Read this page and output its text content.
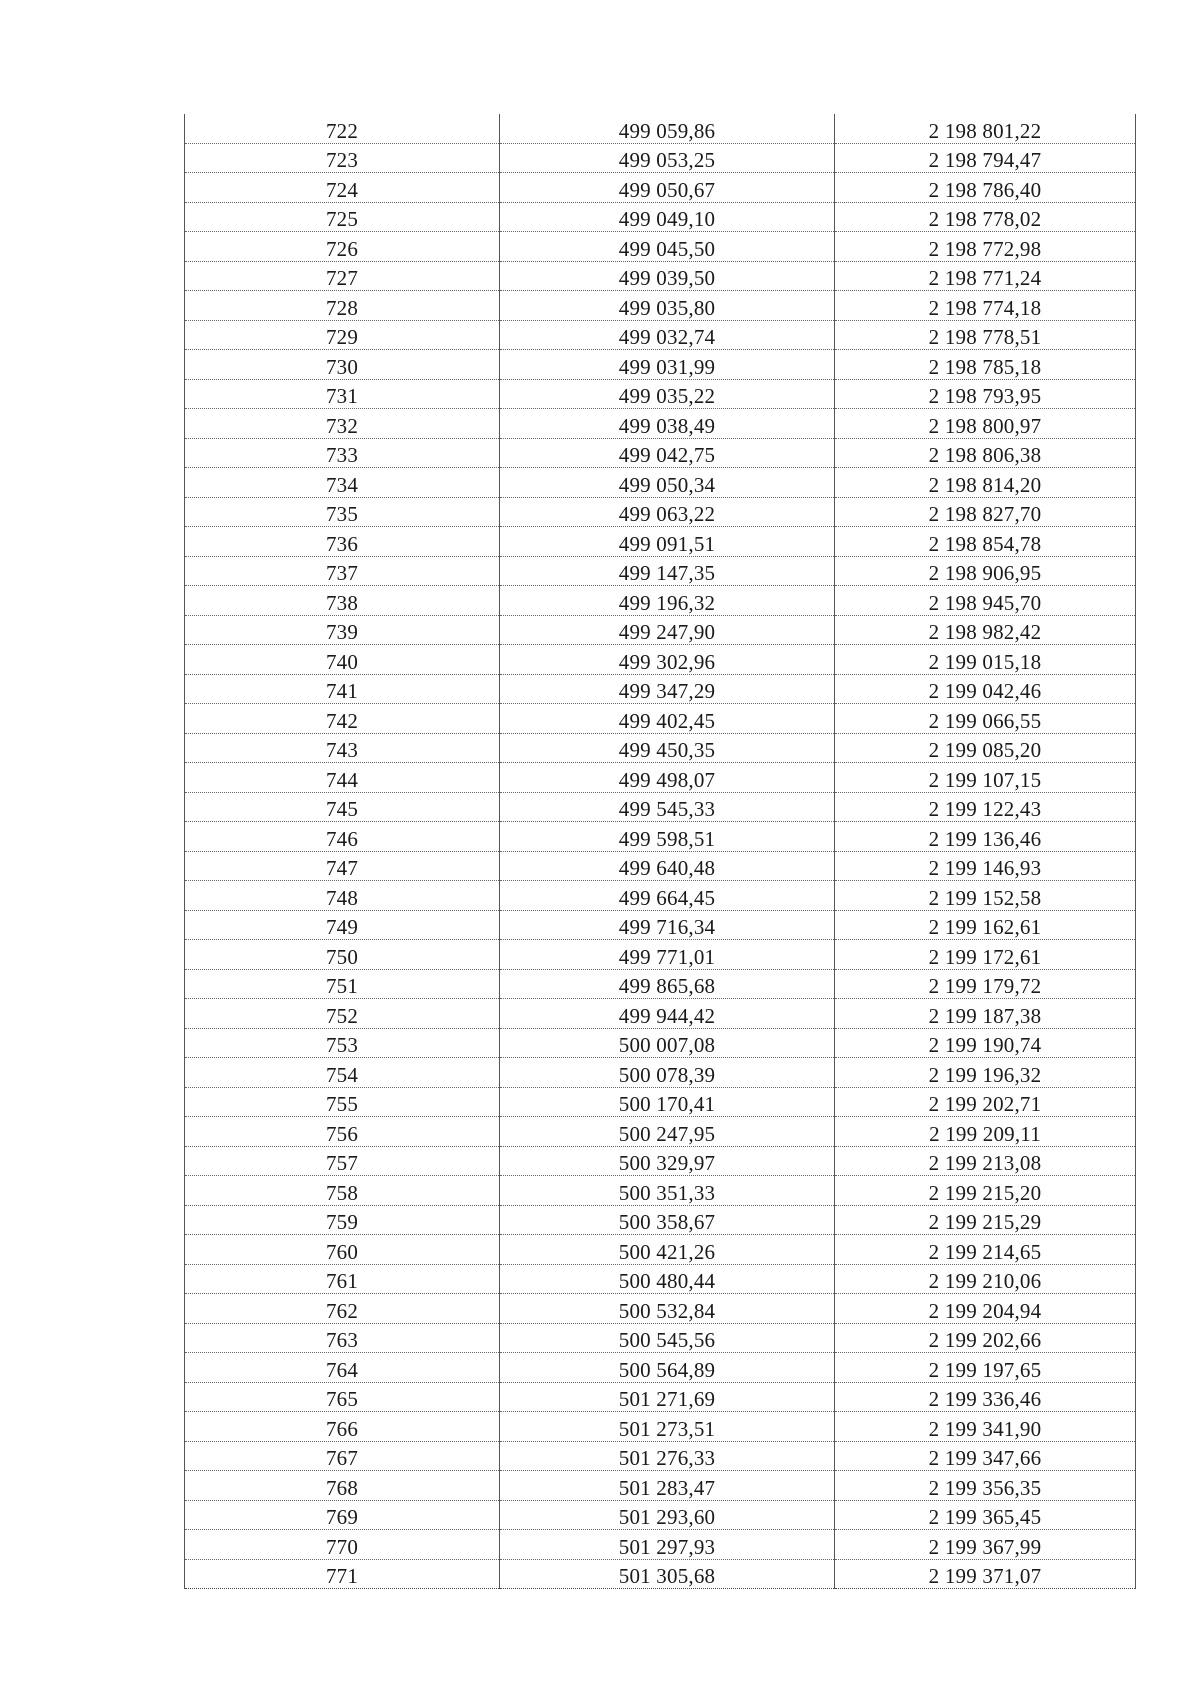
722	499 059,86	2 198 801,22
723	499 053,25	2 198 794,47
724	499 050,67	2 198 786,40
725	499 049,10	2 198 778,02
726	499 045,50	2 198 772,98
727	499 039,50	2 198 771,24
728	499 035,80	2 198 774,18
729	499 032,74	2 198 778,51
730	499 031,99	2 198 785,18
731	499 035,22	2 198 793,95
732	499 038,49	2 198 800,97
733	499 042,75	2 198 806,38
734	499 050,34	2 198 814,20
735	499 063,22	2 198 827,70
736	499 091,51	2 198 854,78
737	499 147,35	2 198 906,95
738	499 196,32	2 198 945,70
739	499 247,90	2 198 982,42
740	499 302,96	2 199 015,18
741	499 347,29	2 199 042,46
742	499 402,45	2 199 066,55
743	499 450,35	2 199 085,20
744	499 498,07	2 199 107,15
745	499 545,33	2 199 122,43
746	499 598,51	2 199 136,46
747	499 640,48	2 199 146,93
748	499 664,45	2 199 152,58
749	499 716,34	2 199 162,61
750	499 771,01	2 199 172,61
751	499 865,68	2 199 179,72
752	499 944,42	2 199 187,38
753	500 007,08	2 199 190,74
754	500 078,39	2 199 196,32
755	500 170,41	2 199 202,71
756	500 247,95	2 199 209,11
757	500 329,97	2 199 213,08
758	500 351,33	2 199 215,20
759	500 358,67	2 199 215,29
760	500 421,26	2 199 214,65
761	500 480,44	2 199 210,06
762	500 532,84	2 199 204,94
763	500 545,56	2 199 202,66
764	500 564,89	2 199 197,65
765	501 271,69	2 199 336,46
766	501 273,51	2 199 341,90
767	501 276,33	2 199 347,66
768	501 283,47	2 199 356,35
769	501 293,60	2 199 365,45
770	501 297,93	2 199 367,99
771	501 305,68	2 199 371,07
